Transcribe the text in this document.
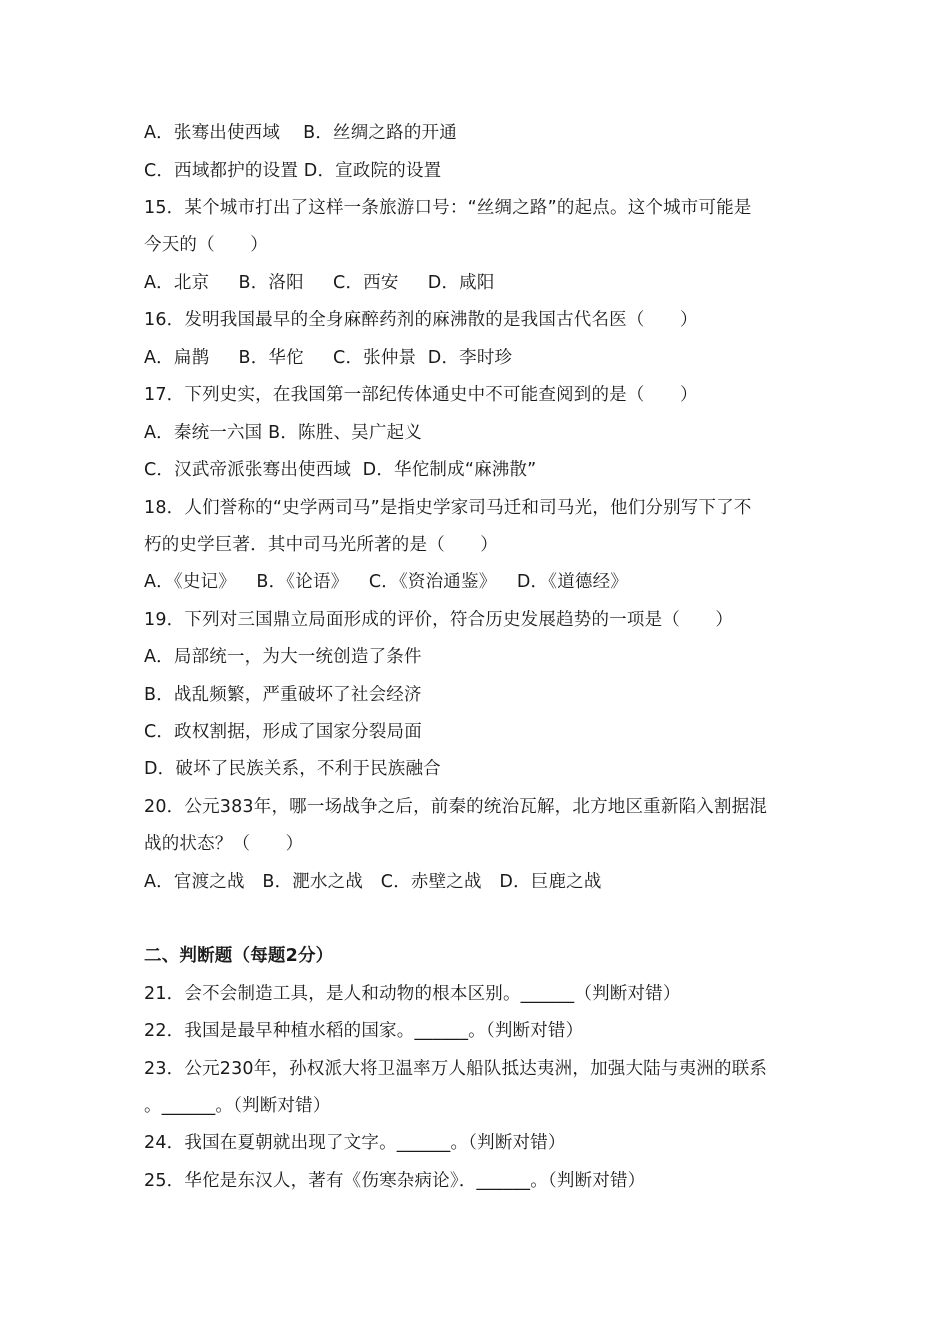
A．张骞出使西域    B．丝绸之路的开通
C．西域都护的设置 D．宣政院的设置
15．某个城市打出了这样一条旅游口号：“丝绸之路”的起点。这个城市可能是
今天的（　　）
A．北京　  B．洛阳　  C．西安　  D．咸阳
16．发明我国最早的全身麻醉药剂的麻沸散的是我国古代名医（　　）
A．扁鹊　  B．华佗　  C．张仲景  D．李时珍
17．下列史实，在我国第一部纪传体通史中不可能查阅到的是（　　）
A．秦统一六国 B．陈胜、吴广起义
C．汉武帝派张骞出使西域  D．华佗制成“麻沸散”
18．人们誉称的“史学两司马”是指史学家司马迁和司马光，他们分别写下了不
朽的史学巨著．其中司马光所著的是（　　）
A．《史记》　  B．《论语》　  C．《资治通鉴》　  D．《道德经》
19．下列对三国鼎立局面形成的评价，符合历史发展趋势的一项是（　　）
A．局部统一，为大一统创造了条件
B．战乱频繁，严重破坏了社会经济
C．政权割据，形成了国家分裂局面
D．破坏了民族关系，不利于民族融合
20．公元383年，哪一场战争之后，前秦的统治瓦解，北方地区重新陷入割据混
战的状态？（　　）
A．官渡之战　B．淝水之战　C．赤壁之战　D．巨鹿之战
二、判断题（每题2分）
21．会不会制造工具，是人和动物的根本区别。______（判断对错）
22．我国是最早种植水稻的国家。______。（判断对错）
23．公元230年，孙权派大将卫温率万人船队抵达夷洲，加强大陆与夷洲的联系
。______。（判断对错）
24．我国在夏朝就出现了文字。______。（判断对错）
25．华佗是东汉人，著有《伤寒杂病论》．______。（判断对错）
